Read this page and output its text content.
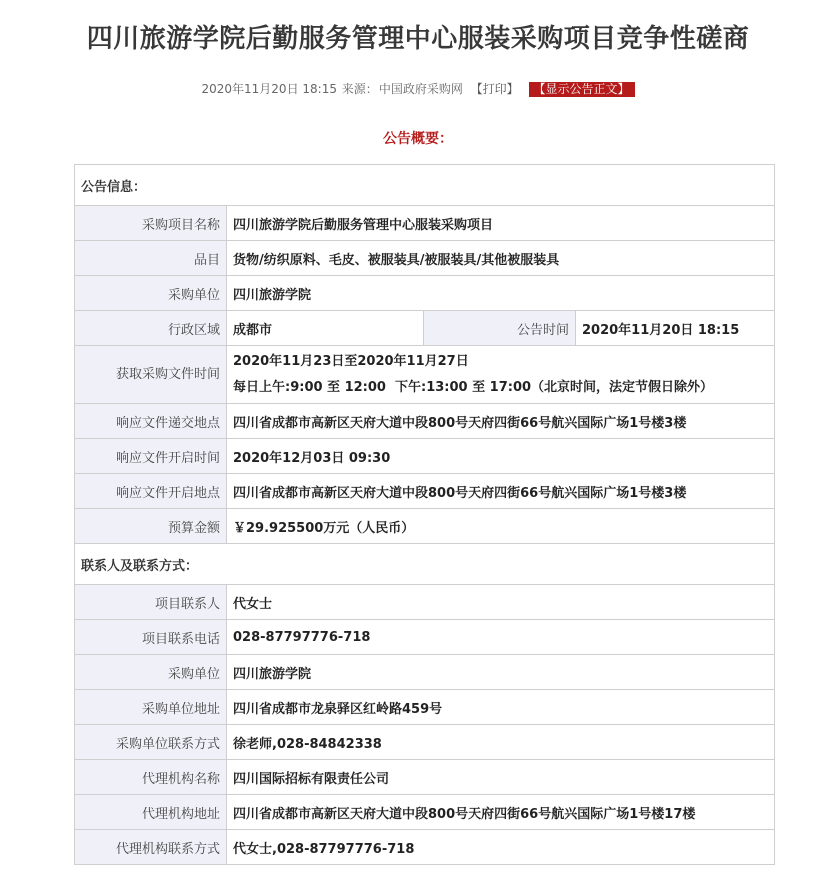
四川旅游学院后勤服务管理中心服装采购项目竞争性磋商
2020年11月20日 18:15 来源：中国政府采购网 【打印】 【显示公告正文】
公告概要：
公告信息：			
采购项目名称	四川旅游学院后勤服务管理中心服装采购项目		
品目	货物/纺织原料、毛皮、被服装具/被服装具/其他被服装具		
采购单位	四川旅游学院		
行政区域	成都市	公告时间	2020年11月20日 18:15
获取采购文件时间	2020年11月23日至2020年11月27日
每日上午:9:00 至 12:00  下午:13:00 至 17:00（北京时间，法定节假日除外）		

响应文件递交地点	四川省成都市高新区天府大道中段800号天府四街66号航兴国际广场1号楼3楼		
响应文件开启时间	2020年12月03日 09:30		
响应文件开启地点	四川省成都市高新区天府大道中段800号天府四街66号航兴国际广场1号楼3楼		
预算金额	￥29.925500万元（人民币）		
联系人及联系方式：			
项目联系人	代女士		
项目联系电话	028-87797776-718		
采购单位	四川旅游学院		
采购单位地址	四川省成都市龙泉驿区红岭路459号		
采购单位联系方式	徐老师,028-84842338		
代理机构名称	四川国际招标有限责任公司		
代理机构地址	四川省成都市高新区天府大道中段800号天府四街66号航兴国际广场1号楼17楼		
代理机构联系方式	代女士,028-87797776-718		
